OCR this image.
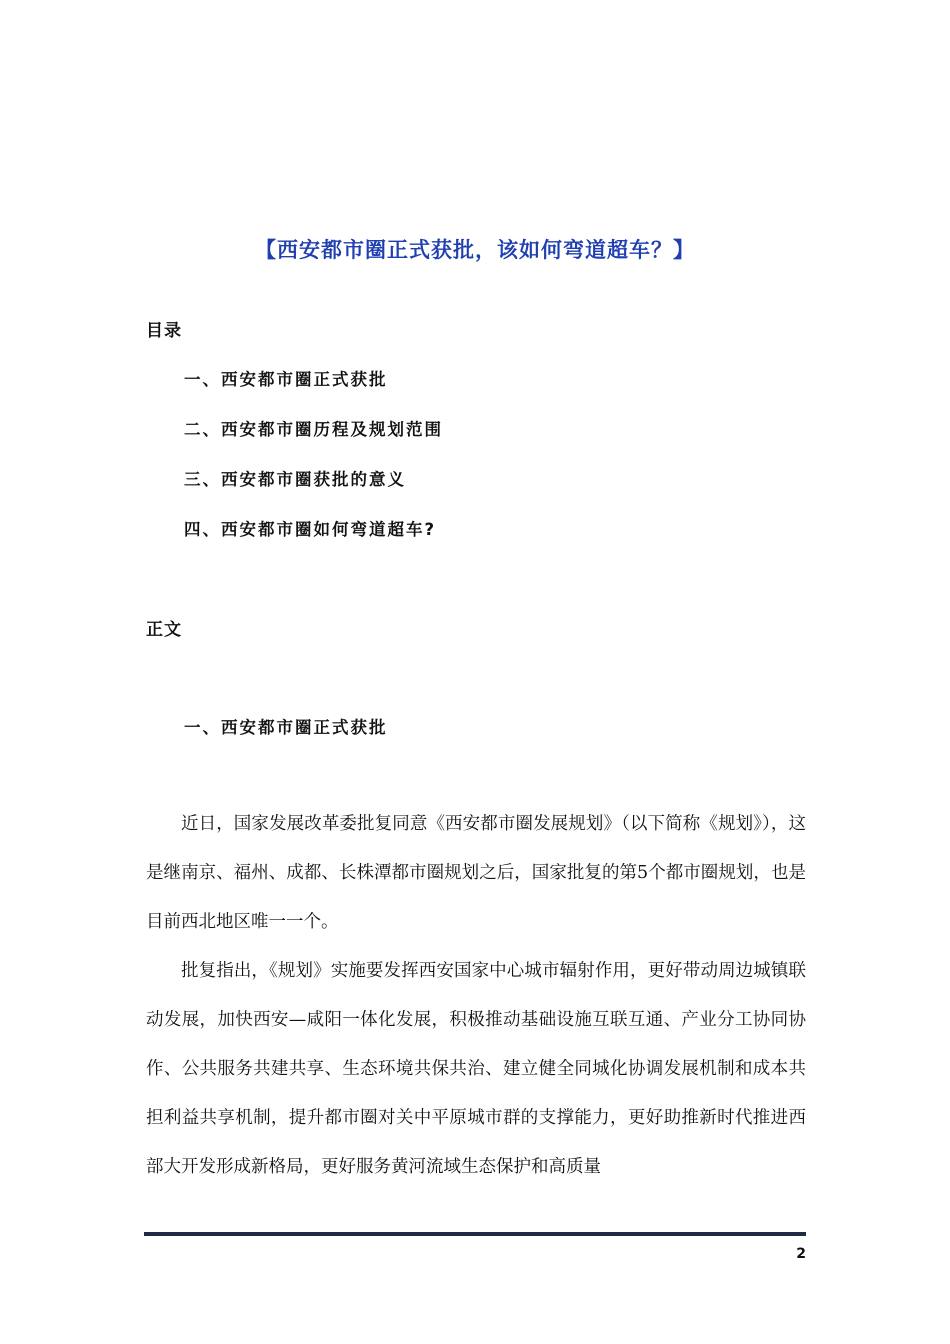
【西安都市圈正式获批，该如何弯道超车？】
目录
一、西安都市圈正式获批
二、西安都市圈历程及规划范围
三、西安都市圈获批的意义
四、西安都市圈如何弯道超车?
正文
一、西安都市圈正式获批

近日，国家发展改革委批复同意《西安都市圈发展规划》（以下简称《规划》），这是继南京、福州、成都、长株潭都市圈规划之后，国家批复的第5个都市圈规划，也是目前西北地区唯一一个。

批复指出，《规划》实施要发挥西安国家中心城市辐射作用，更好带动周边城镇联动发展，加快西安—咸阳一体化发展，积极推动基础设施互联互通、产业分工协同协作、公共服务共建共享、生态环境共保共治、建立健全同城化协调发展机制和成本共担利益共享机制，提升都市圈对关中平原城市群的支撑能力，更好助推新时代推进西部大开发形成新格局，更好服务黄河流域生态保护和高质量

2
